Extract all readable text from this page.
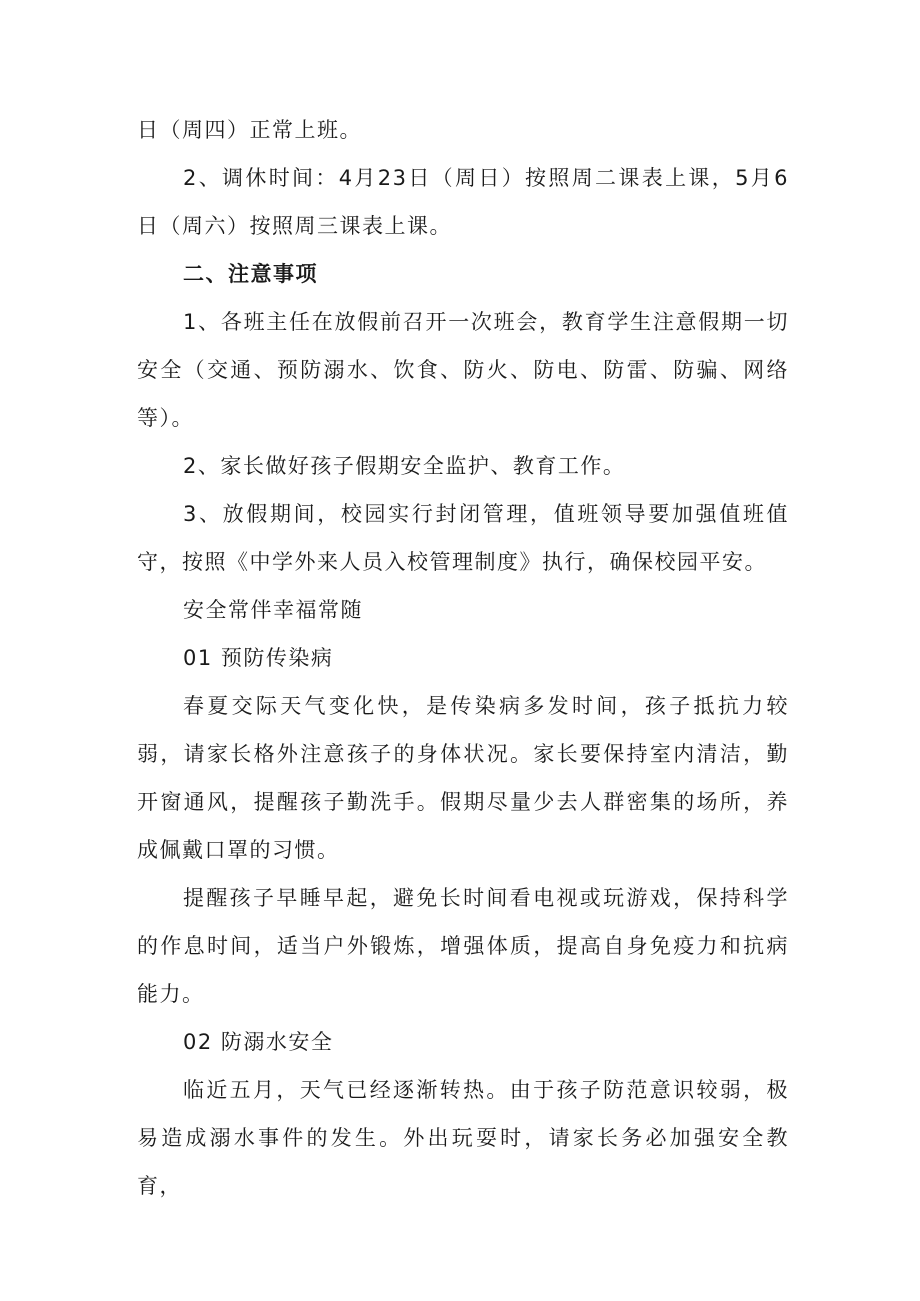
日（周四）正常上班。

2、调休时间：4月23日（周日）按照周二课表上课，5月6日（周六）按照周三课表上课。

二、注意事项

1、各班主任在放假前召开一次班会，教育学生注意假期一切安全（交通、预防溺水、饮食、防火、防电、防雷、防骗、网络等）。

2、家长做好孩子假期安全监护、教育工作。

3、放假期间，校园实行封闭管理，值班领导要加强值班值守，按照《中学外来人员入校管理制度》执行，确保校园平安。

安全常伴幸福常随

01 预防传染病

春夏交际天气变化快，是传染病多发时间，孩子抵抗力较弱，请家长格外注意孩子的身体状况。家长要保持室内清洁，勤开窗通风，提醒孩子勤洗手。假期尽量少去人群密集的场所，养成佩戴口罩的习惯。

提醒孩子早睡早起，避免长时间看电视或玩游戏，保持科学的作息时间，适当户外锻炼，增强体质，提高自身免疫力和抗病能力。

02 防溺水安全

临近五月，天气已经逐渐转热。由于孩子防范意识较弱，极易造成溺水事件的发生。外出玩耍时，请家长务必加强安全教育，
